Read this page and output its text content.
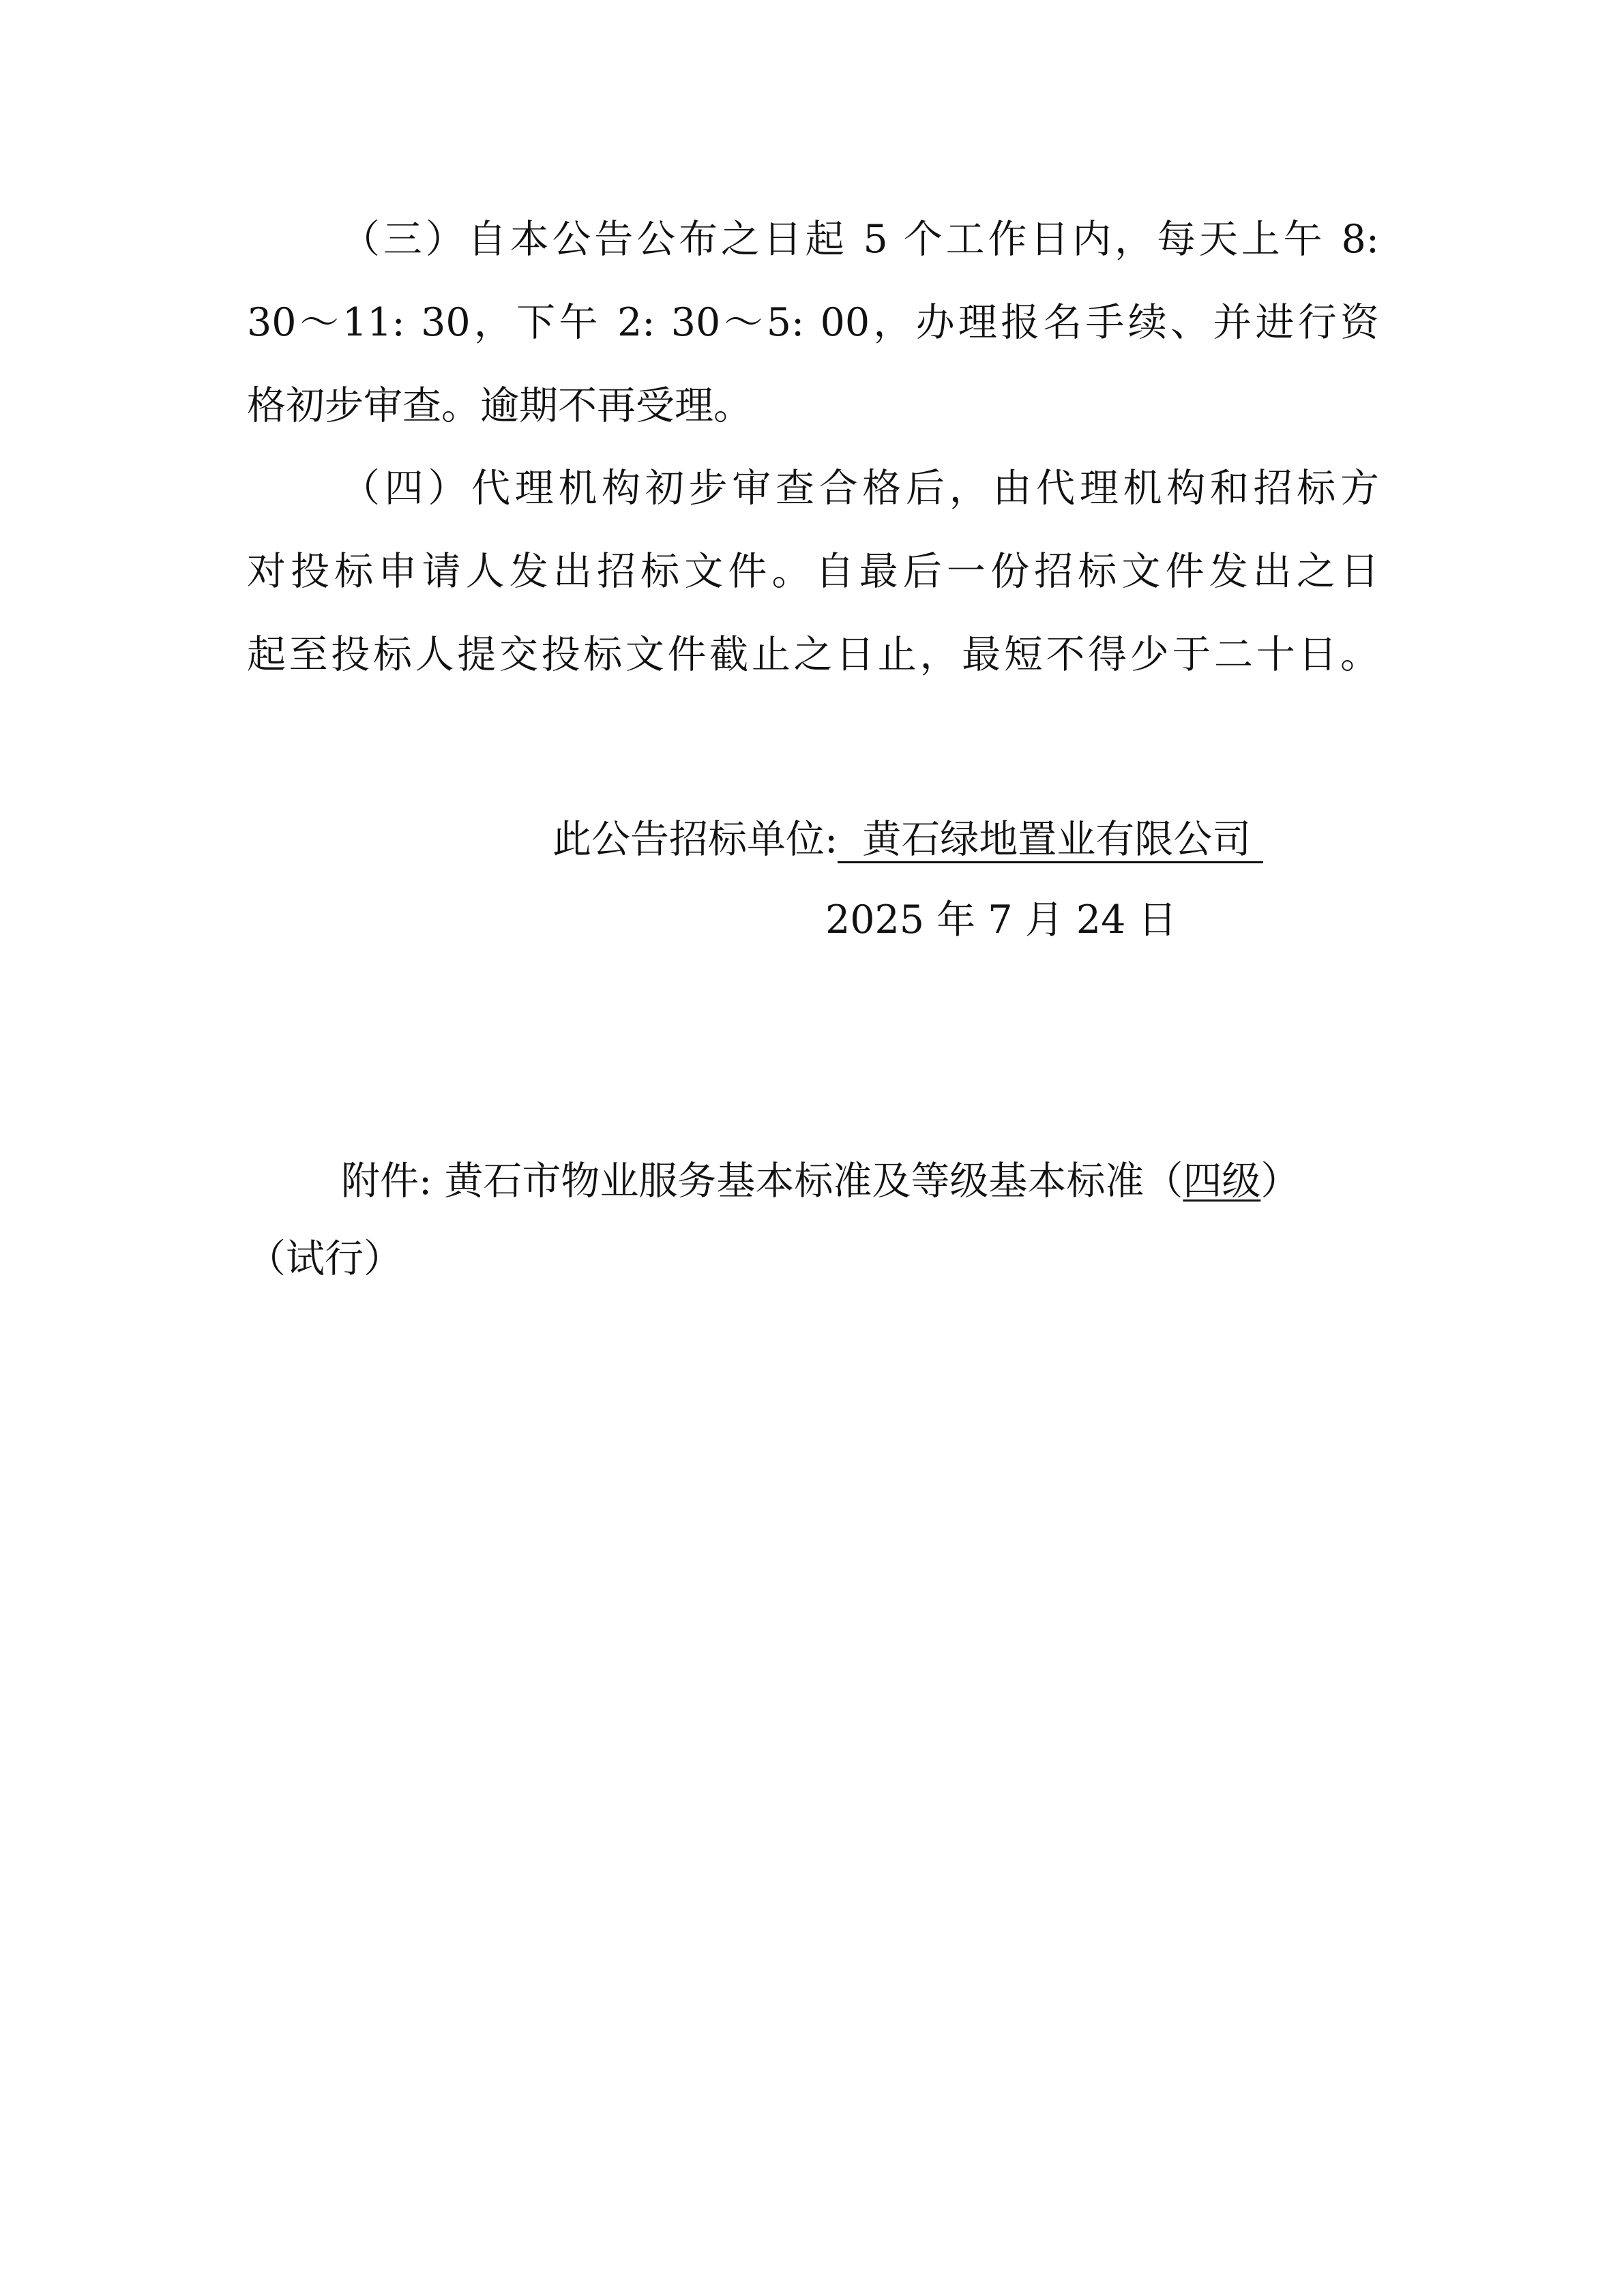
（三）自本公告公布之日起 5 个工作日内，每天上午 8:
30～11: 30，下午 2: 30～5: 00，办理报名手续、并进行资
格初步审查。逾期不再受理。
（四）代理机构初步审查合格后，由代理机构和招标方
对投标申请人发出招标文件。自最后一份招标文件发出之日
起至投标人提交投标文件截止之日止，最短不得少于二十日。
此公告招标单位: 黄石绿地置业有限公司
2025 年 7 月 24 日
附件: 黄石市物业服务基本标准及等级基本标准（四级）
（试行）
